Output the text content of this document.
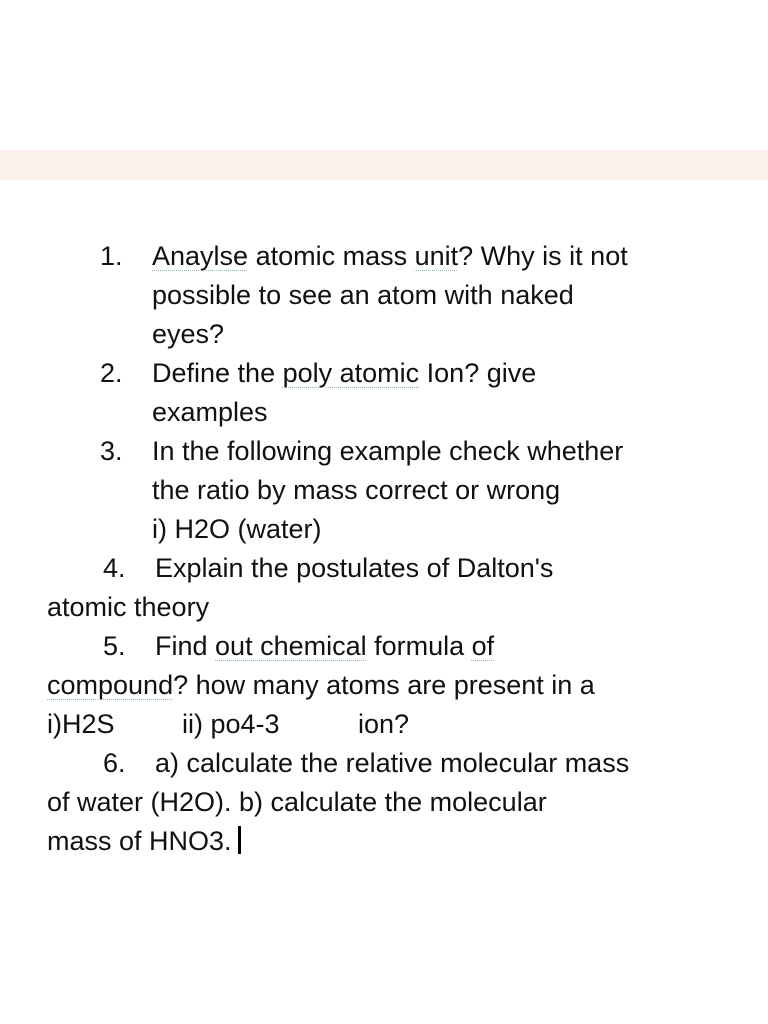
1. Anaylse atomic mass unit? Why is it not
possible to see an atom with naked
eyes?
2. Define the poly atomic Ion? give
examples
3. In the following example check whether
the ratio by mass correct or wrong
i) H2O (water)
4. Explain the postulates of Dalton's
atomic theory
5. Find out chemical formula of
compound? how many atoms are present in a
i)H2S ii) po4-3	ion?
6. a) calculate the relative molecular mass
of water (H2O). b) calculate the molecular
mass of HNO3.
